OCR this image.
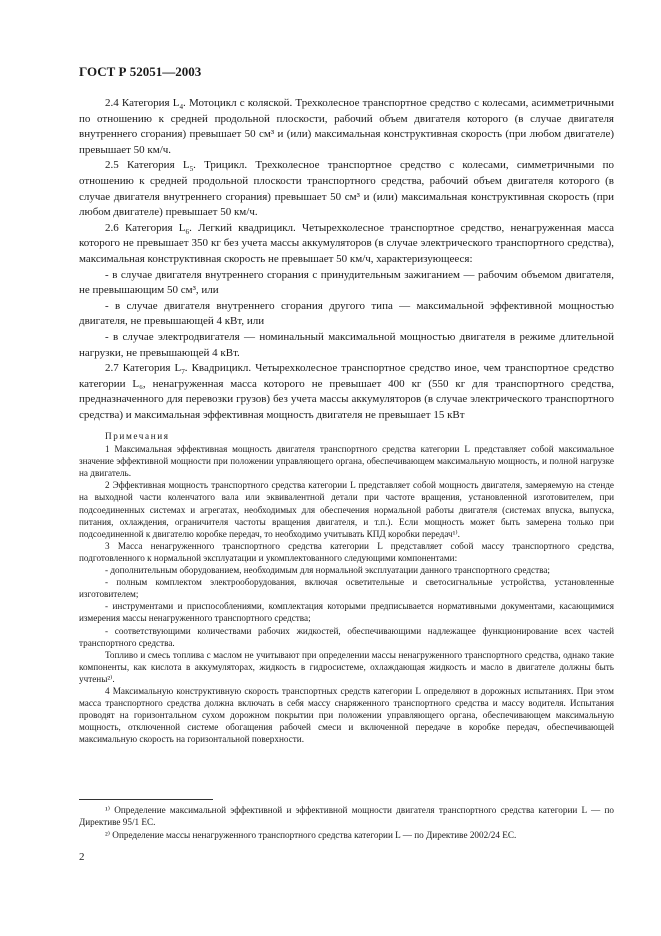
ГОСТ Р 52051—2003

2.4 Категория $L_4$. Мотоцикл с коляской. Трехколесное транспортное средство с колесами, асимметричными по отношению к средней продольной плоскости, рабочий объем двигателя которого (в случае двигателя внутреннего сгорания) превышает 50 см³ и (или) максимальная конструктивная скорость (при любом двигателе) превышает 50 км/ч.

2.5 Категория $L_5$. Трицикл. Трехколесное транспортное средство с колесами, симметричными по отношению к средней продольной плоскости транспортного средства, рабочий объем двигателя которого (в случае двигателя внутреннего сгорания) превышает 50 см³ и (или) максимальная конструктивная скорость (при любом двигателе) превышает 50 км/ч.

2.6 Категория $L_6$. Легкий квадрицикл. Четырехколесное транспортное средство, ненагруженная масса которого не превышает 350 кг без учета массы аккумуляторов (в случае электрического транспортного средства), максимальная конструктивная скорость не превышает 50 км/ч, характеризующееся:

- в случае двигателя внутреннего сгорания с принудительным зажиганием — рабочим объемом двигателя, не превышающим 50 см³, или

- в случае двигателя внутреннего сгорания другого типа — максимальной эффективной мощностью двигателя, не превышающей 4 кВт, или

- в случае электродвигателя — номинальный максимальной мощностью двигателя в режиме длительной нагрузки, не превышающей 4 кВт.

2.7 Категория $L_7$. Квадрицикл. Четырехколесное транспортное средство иное, чем транспортное средство категории L₆, ненагруженная масса которого не превышает 400 кг (550 кг для транспортного средства, предназначенного для перевозки грузов) без учета массы аккумуляторов (в случае электрического транспортного средства) и максимальная эффективная мощность двигателя не превышает 15 кВт

Примечания

1 Максимальная эффективная мощность двигателя транспортного средства категории L представляет собой максимальное значение эффективной мощности при положении управляющего органа, обеспечивающем максимальную мощность, и полной нагрузке на двигатель.

2 Эффективная мощность транспортного средства категории L представляет собой мощность двигателя, замеряемую на стенде на выходной части коленчатого вала или эквивалентной детали при частоте вращения, установленной изготовителем, при подсоединенных системах и агрегатах, необходимых для обеспечения нормальной работы двигателя (системах впуска, выпуска, питания, охлаждения, ограничителя частоты вращения двигателя, и т.п.). Если мощность может быть замерена только при подсоединенной к двигателю коробке передач, то необходимо учитывать КПД коробки передач¹⁾.

3 Масса ненагруженного транспортного средства категории L представляет собой массу транспортного средства, подготовленного к нормальной эксплуатации и укомплектованного следующими компонентами:

- дополнительным оборудованием, необходимым для нормальной эксплуатации данного транспортного средства;

- полным комплектом электрооборудования, включая осветительные и светосигнальные устройства, установленные изготовителем;

- инструментами и приспособлениями, комплектация которыми предписывается нормативными документами, касающимися измерения массы ненагруженного транспортного средства;

- соответствующими количествами рабочих жидкостей, обеспечивающими надлежащее функционирование всех частей транспортного средства.

Топливо и смесь топлива с маслом не учитывают при определении массы ненагруженного транспортного средства, однако такие компоненты, как кислота в аккумуляторах, жидкость в гидросистеме, охлаждающая жидкость и масло в двигателе должны быть учтены²⁾.

4 Максимальную конструктивную скорость транспортных средств категории L определяют в дорожных испытаниях. При этом масса транспортного средства должна включать в себя массу снаряженного транспортного средства и массу водителя. Испытания проводят на горизонтальном сухом дорожном покрытии при положении управляющего органа, обеспечивающем максимальную мощность, отключенной системе обогащения рабочей смеси и включенной передаче в коробке передач, обеспечивающей максимальную скорость на горизонтальной поверхности.

¹⁾ Определение максимальной эффективной и эффективной мощности двигателя транспортного средства категории L — по Директиве 95/1 ЕС.

²⁾ Определение массы ненагруженного транспортного средства категории L — по Директиве 2002/24 ЕС.

2
